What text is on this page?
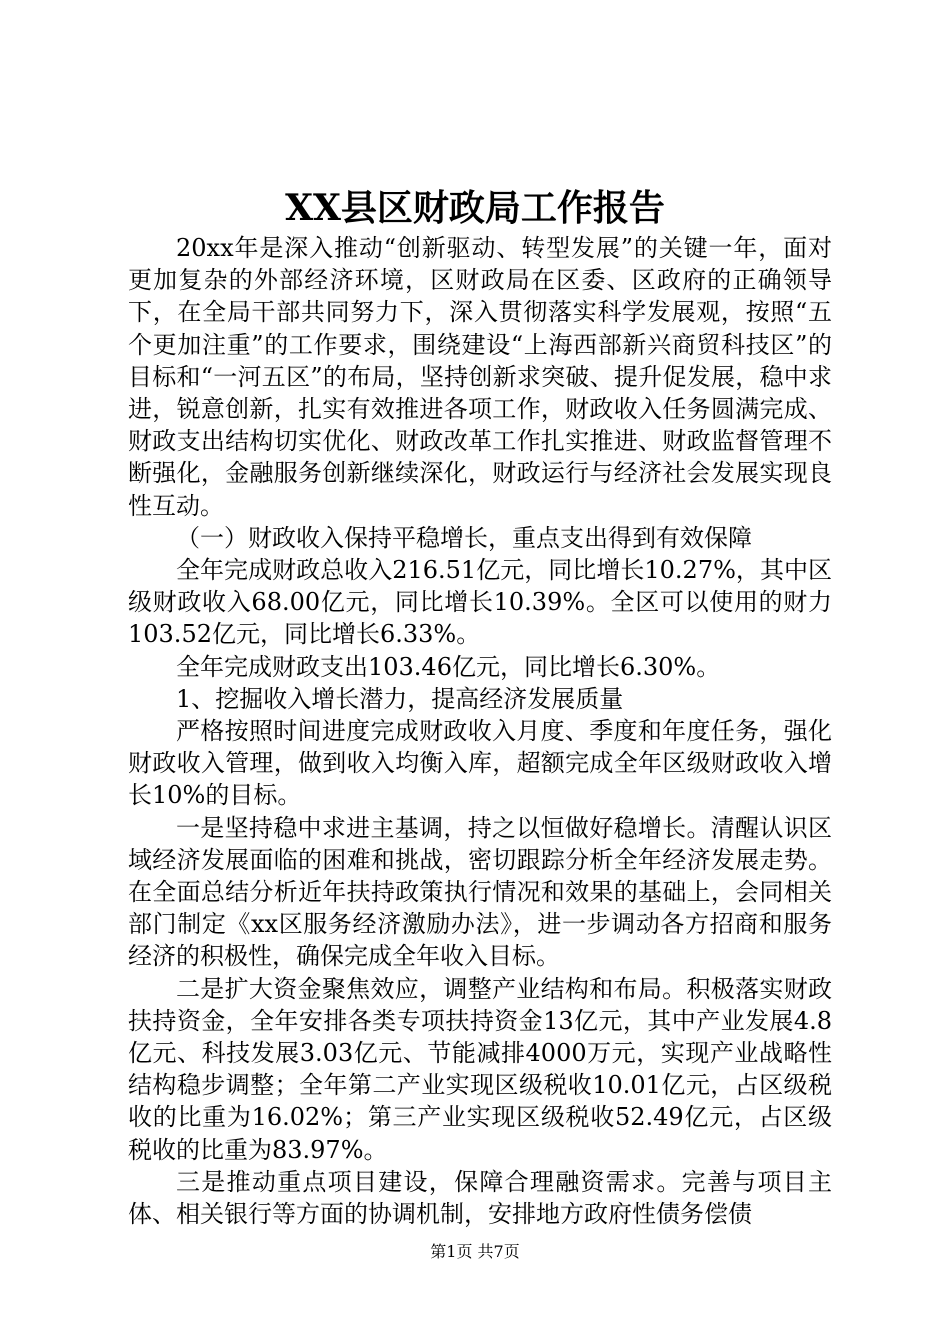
XX县区财政局工作报告

20xx年是深入推动“创新驱动、转型发展”的关键一年，面对更加复杂的外部经济环境，区财政局在区委、区政府的正确领导下，在全局干部共同努力下，深入贯彻落实科学发展观，按照“五个更加注重”的工作要求，围绕建设“上海西部新兴商贸科技区”的目标和“一河五区”的布局，坚持创新求突破、提升促发展，稳中求进，锐意创新，扎实有效推进各项工作，财政收入任务圆满完成、财政支出结构切实优化、财政改革工作扎实推进、财政监督管理不断强化，金融服务创新继续深化，财政运行与经济社会发展实现良性互动。

（一）财政收入保持平稳增长，重点支出得到有效保障

全年完成财政总收入216.51亿元，同比增长10.27%，其中区级财政收入68.00亿元，同比增长10.39%。全区可以使用的财力103.52亿元，同比增长6.33%。

全年完成财政支出103.46亿元，同比增长6.30%。

1、挖掘收入增长潜力，提高经济发展质量

严格按照时间进度完成财政收入月度、季度和年度任务，强化财政收入管理，做到收入均衡入库，超额完成全年区级财政收入增长10%的目标。

一是坚持稳中求进主基调，持之以恒做好稳增长。清醒认识区域经济发展面临的困难和挑战，密切跟踪分析全年经济发展走势。在全面总结分析近年扶持政策执行情况和效果的基础上，会同相关部门制定《xx区服务经济激励办法》，进一步调动各方招商和服务经济的积极性，确保完成全年收入目标。

二是扩大资金聚焦效应，调整产业结构和布局。积极落实财政扶持资金，全年安排各类专项扶持资金13亿元，其中产业发展4.8亿元、科技发展3.03亿元、节能减排4000万元，实现产业战略性结构稳步调整；全年第二产业实现区级税收10.01亿元，占区级税收的比重为16.02%；第三产业实现区级税收52.49亿元，占区级税收的比重为83.97%。

三是推动重点项目建设，保障合理融资需求。完善与项目主体、相关银行等方面的协调机制，安排地方政府性债务偿债

第1页 共7页
